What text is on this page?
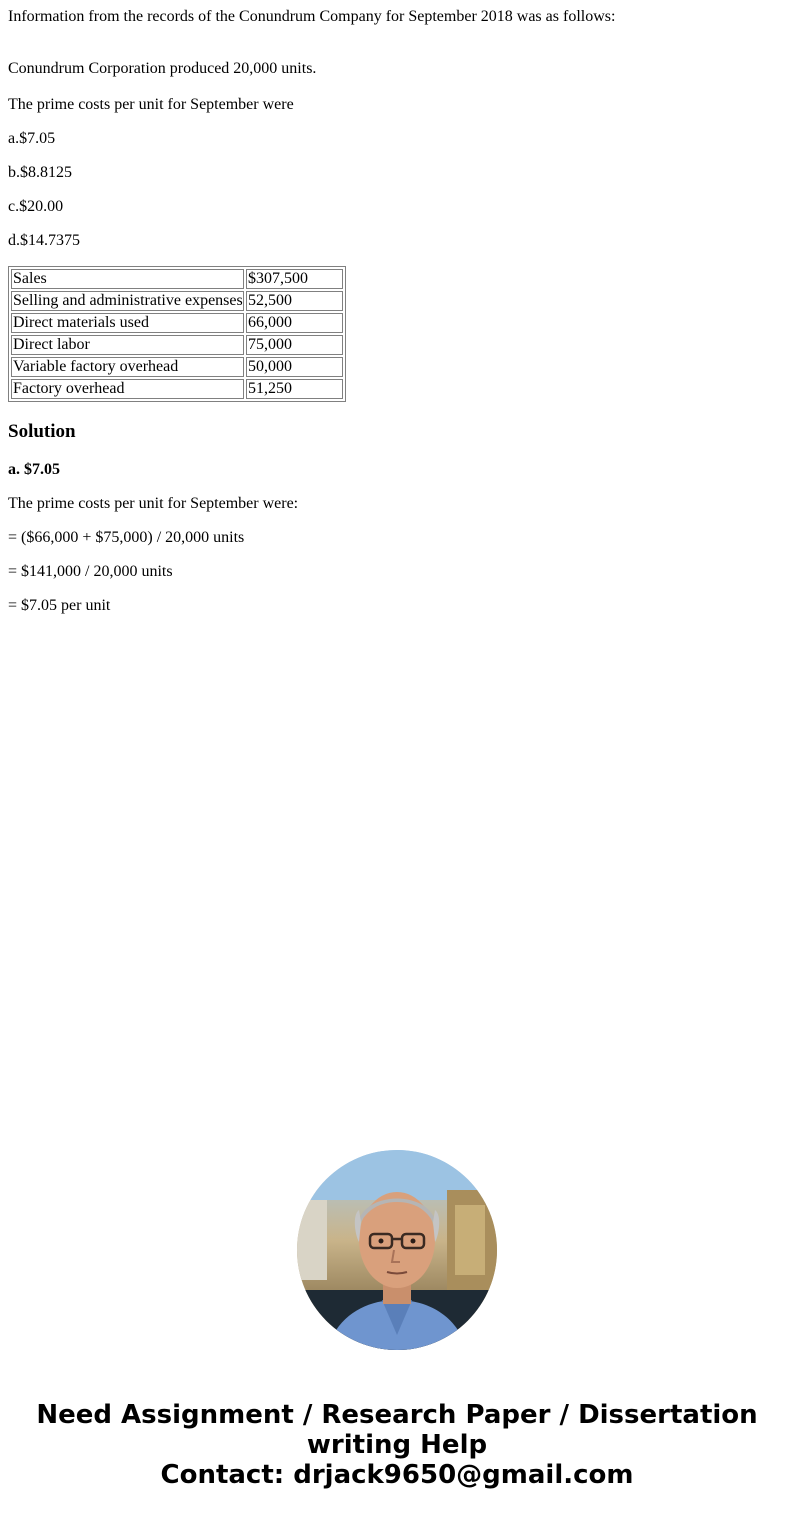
Information from the records of the Conundrum Company for September 2018 was as follows:

Conundrum Corporation produced 20,000 units.

The prime costs per unit for September were

a.$7.05

b.$8.8125

c.$20.00

d.$14.7375

Sales	$307,500
Selling and administrative expenses	52,500
Direct materials used	66,000
Direct labor	75,000
Variable factory overhead	50,000
Factory overhead	51,250
Solution

a. $7.05

The prime costs per unit for September were:

= ($66,000 + $75,000) / 20,000 units

= $141,000 / 20,000 units

= $7.05 per unit

Need Assignment / Research Paper / Dissertation
writing Help
Contact: drjack9650@gmail.com
